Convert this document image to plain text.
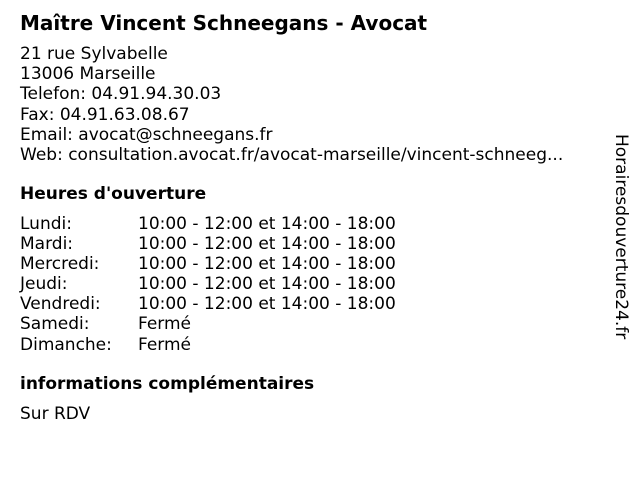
Maître Vincent Schneegans - Avocat
21 rue Sylvabelle
13006 Marseille
Telefon: 04.91.94.30.03
Fax: 04.91.63.08.67
Email: avocat@schneegans.fr
Web: consultation.avocat.fr/avocat-marseille/vincent-schneeg...
Heures d'ouverture
Lundi:	10:00 - 12:00 et 14:00 - 18:00
Mardi:	10:00 - 12:00 et 14:00 - 18:00
Mercredi:	10:00 - 12:00 et 14:00 - 18:00
Jeudi:	10:00 - 12:00 et 14:00 - 18:00
Vendredi:	10:00 - 12:00 et 14:00 - 18:00
Samedi:	Fermé
Dimanche:	Fermé
informations complémentaires
Sur RDV
Horairesdouverture24.fr
